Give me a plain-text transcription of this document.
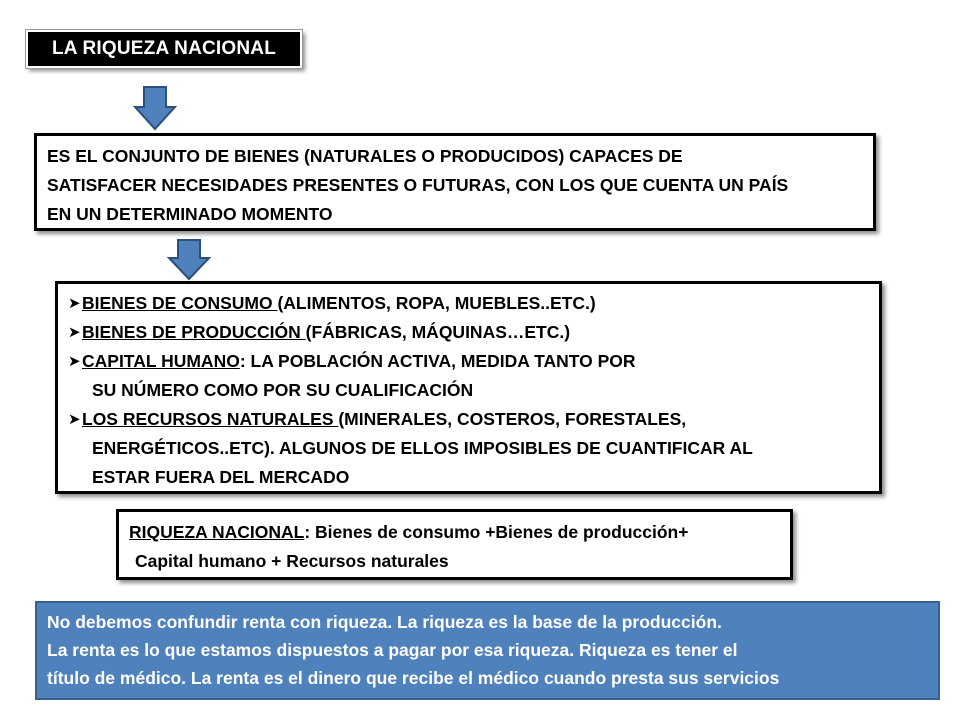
LA RIQUEZA NACIONAL
ES EL CONJUNTO DE BIENES (NATURALES O PRODUCIDOS) CAPACES DE
SATISFACER NECESIDADES PRESENTES O FUTURAS, CON LOS QUE CUENTA UN PAÍS
EN UN DETERMINADO MOMENTO
➤ BIENES DE CONSUMO (ALIMENTOS, ROPA, MUEBLES..ETC.)
➤ BIENES DE PRODUCCIÓN (FÁBRICAS, MÁQUINAS…ETC.)
➤ CAPITAL HUMANO: LA POBLACIÓN ACTIVA, MEDIDA TANTO POR
SU NÚMERO COMO POR SU CUALIFICACIÓN
➤ LOS RECURSOS NATURALES (MINERALES, COSTEROS, FORESTALES,
ENERGÉTICOS..ETC). ALGUNOS DE ELLOS IMPOSIBLES DE CUANTIFICAR AL
ESTAR FUERA DEL MERCADO
RIQUEZA NACIONAL: Bienes de consumo +Bienes de producción+
Capital humano + Recursos naturales
No debemos confundir renta con riqueza. La riqueza es la base de la producción.
La renta es lo que estamos dispuestos a pagar por esa riqueza. Riqueza es tener el
título de médico. La renta es el dinero que recibe el médico cuando presta sus servicios
